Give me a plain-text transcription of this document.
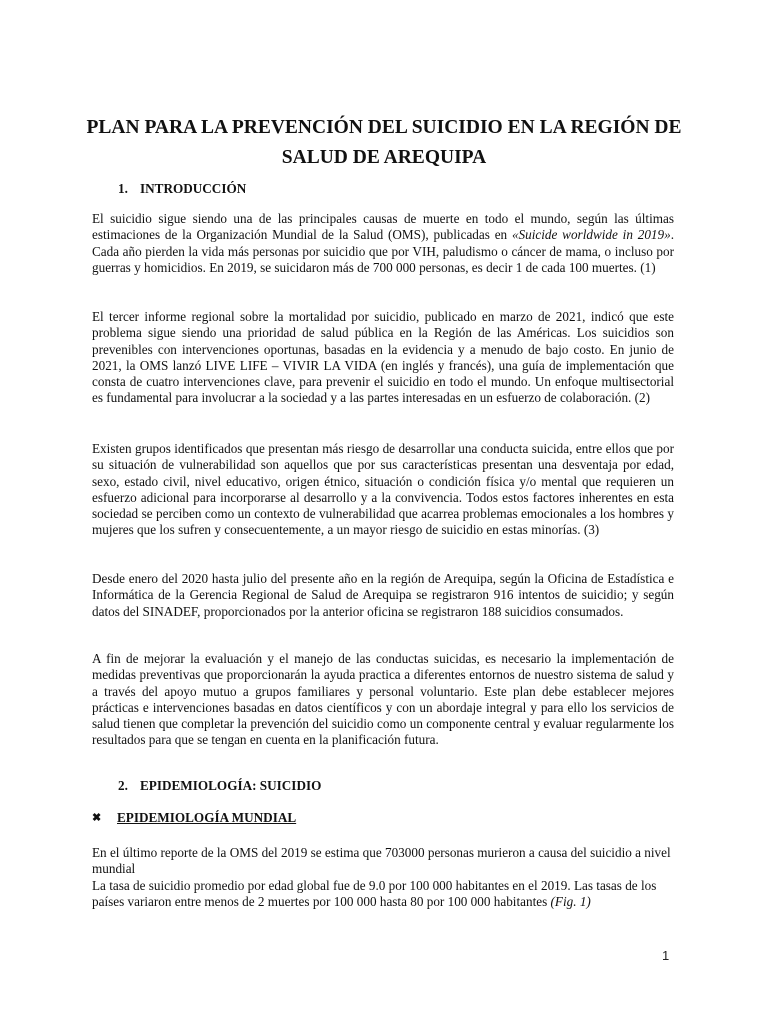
PLAN PARA LA PREVENCIÓN DEL SUICIDIO EN LA REGIÓN DE SALUD DE AREQUIPA
1. INTRODUCCIÓN

El suicidio sigue siendo una de las principales causas de muerte en todo el mundo, según las últimas estimaciones de la Organización Mundial de la Salud (OMS), publicadas en «Suicide worldwide in 2019». Cada año pierden la vida más personas por suicidio que por VIH, paludismo o cáncer de mama, o incluso por guerras y homicidios. En 2019, se suicidaron más de 700 000 personas, es decir 1 de cada 100 muertes. (1)

El tercer informe regional sobre la mortalidad por suicidio, publicado en marzo de 2021, indicó que este problema sigue siendo una prioridad de salud pública en la Región de las Américas. Los suicidios son prevenibles con intervenciones oportunas, basadas en la evidencia y a menudo de bajo costo. En junio de 2021, la OMS lanzó LIVE LIFE – VIVIR LA VIDA (en inglés y francés), una guía de implementación que consta de cuatro intervenciones clave, para prevenir el suicidio en todo el mundo. Un enfoque multisectorial es fundamental para involucrar a la sociedad y a las partes interesadas en un esfuerzo de colaboración. (2)

Existen grupos identificados que presentan más riesgo de desarrollar una conducta suicida, entre ellos que por su situación de vulnerabilidad son aquellos que por sus características presentan una desventaja por edad, sexo, estado civil, nivel educativo, origen étnico, situación o condición física y/o mental que requieren un esfuerzo adicional para incorporarse al desarrollo y a la convivencia. Todos estos factores inherentes en esta sociedad se perciben como un contexto de vulnerabilidad que acarrea problemas emocionales a los hombres y mujeres que los sufren y consecuentemente, a un mayor riesgo de suicidio en estas minorías. (3)

Desde enero del 2020 hasta julio del presente año en la región de Arequipa, según la Oficina de Estadística e Informática de la Gerencia Regional de Salud de Arequipa se registraron 916 intentos de suicidio; y según datos del SINADEF, proporcionados por la anterior oficina se registraron 188 suicidios consumados.

A fin de mejorar la evaluación y el manejo de las conductas suicidas, es necesario la implementación de medidas preventivas que proporcionarán la ayuda practica a diferentes entornos de nuestro sistema de salud y a través del apoyo mutuo a grupos familiares y personal voluntario. Este plan debe establecer mejores prácticas e intervenciones basadas en datos científicos y con un abordaje integral y para ello los servicios de salud tienen que completar la prevención del suicidio como un componente central y evaluar regularmente los resultados para que se tengan en cuenta en la planificación futura.

2. EPIDEMIOLOGÍA: SUICIDIO
✖ EPIDEMIOLOGÍA MUNDIAL

En el último reporte de la OMS del 2019 se estima que 703000 personas murieron a causa del suicidio a nivel mundial
La tasa de suicidio promedio por edad global fue de 9.0 por 100 000 habitantes en el 2019. Las tasas de los países variaron entre menos de 2 muertes por 100 000 hasta 80 por 100 000 habitantes (Fig. 1)

1
